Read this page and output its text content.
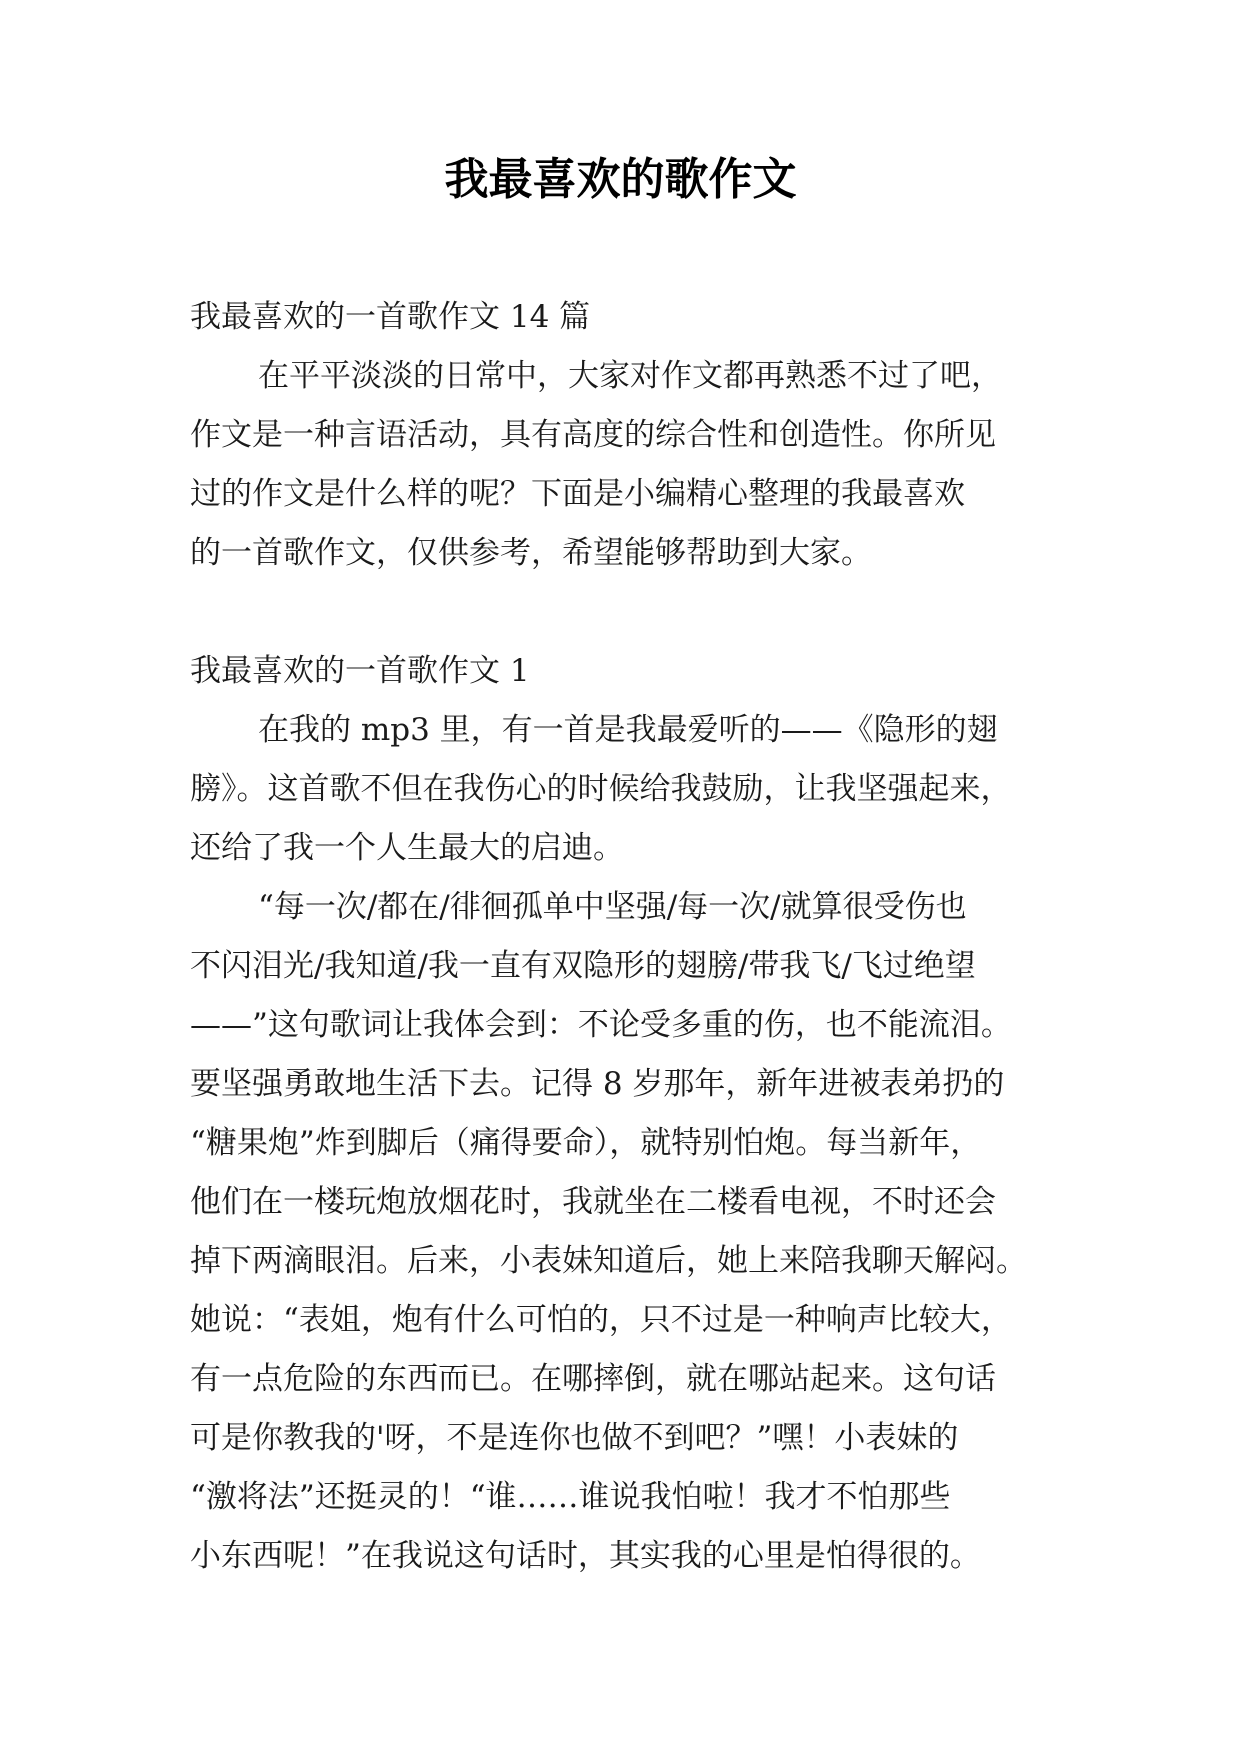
我最喜欢的歌作文
我最喜欢的一首歌作文 14 篇
在平平淡淡的日常中，大家对作文都再熟悉不过了吧，
作文是一种言语活动，具有高度的综合性和创造性。你所见
过的作文是什么样的呢？下面是小编精心整理的我最喜欢
的一首歌作文，仅供参考，希望能够帮助到大家。
我最喜欢的一首歌作文 1
在我的 mp3 里，有一首是我最爱听的——《隐形的翅
膀》。这首歌不但在我伤心的时候给我鼓励，让我坚强起来，
还给了我一个人生最大的启迪。
“每一次/都在/徘徊孤单中坚强/每一次/就算很受伤也
不闪泪光/我知道/我一直有双隐形的翅膀/带我飞/飞过绝望
——”这句歌词让我体会到：不论受多重的伤，也不能流泪。
要坚强勇敢地生活下去。记得 8 岁那年，新年进被表弟扔的
“糖果炮”炸到脚后（痛得要命），就特别怕炮。每当新年，
他们在一楼玩炮放烟花时，我就坐在二楼看电视，不时还会
掉下两滴眼泪。后来，小表妹知道后，她上来陪我聊天解闷。
她说：“表姐，炮有什么可怕的，只不过是一种响声比较大，
有一点危险的东西而已。在哪摔倒，就在哪站起来。这句话
可是你教我的'呀，不是连你也做不到吧？”嘿！小表妹的
“激将法”还挺灵的！“谁……谁说我怕啦！我才不怕那些
小东西呢！”在我说这句话时，其实我的心里是怕得很的。
